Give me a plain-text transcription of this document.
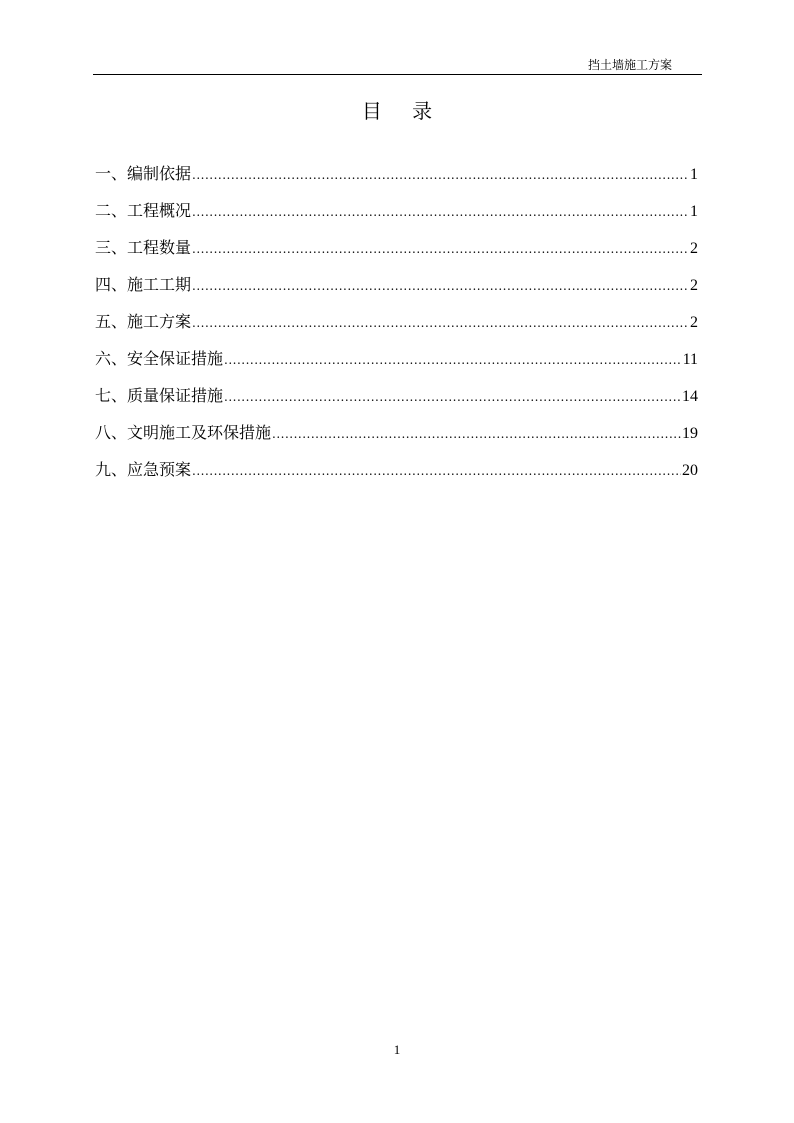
挡土墙施工方案
目 录
一、编制依据 .....	1
二、工程概况 .....	1
三、工程数量 .....	2
四、施工工期 .....	2
五、施工方案 .....	2
六、安全保证措施 .....	11
七、质量保证措施 .....	14
八、文明施工及环保措施 .....	19
九、应急预案 .....	20
1
